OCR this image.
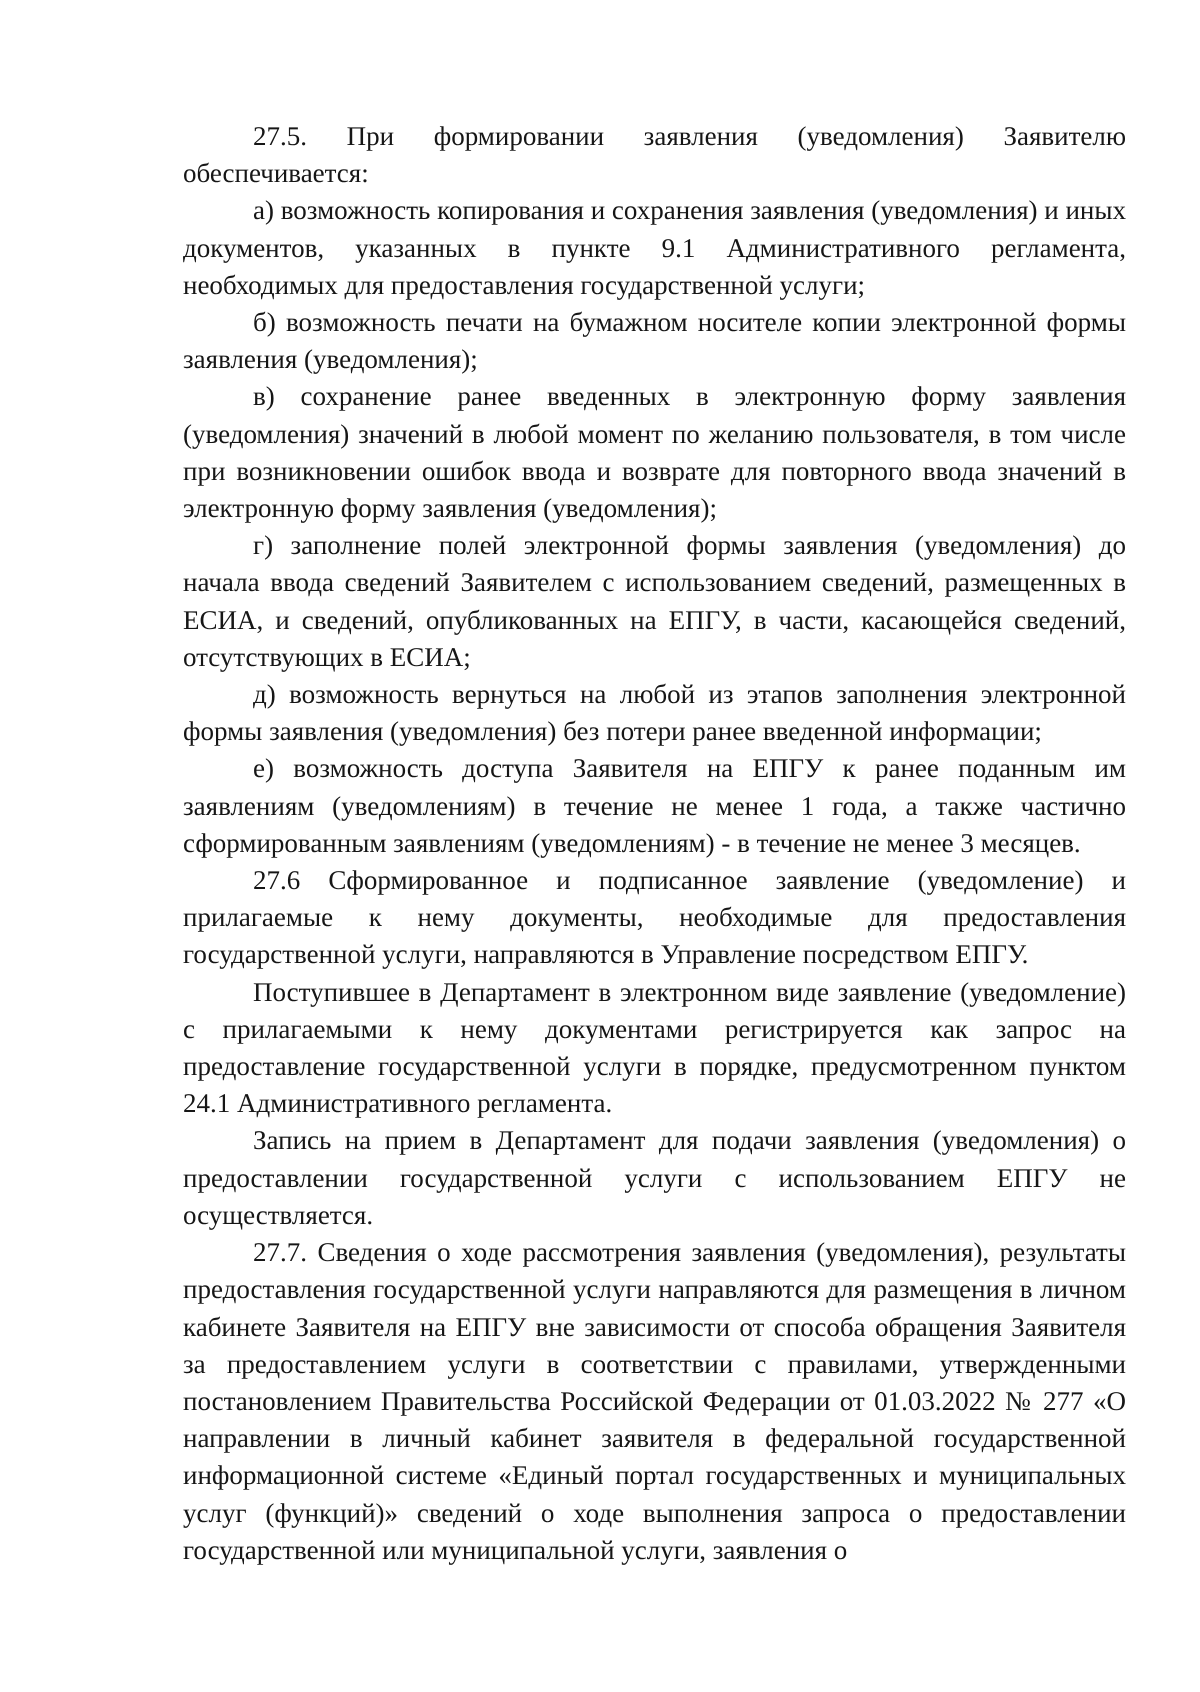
27.5. При формировании заявления (уведомления) Заявителю обеспечивается:

а) возможность копирования и сохранения заявления (уведомления) и иных документов, указанных в пункте 9.1 Административного регламента, необходимых для предоставления государственной услуги;

б) возможность печати на бумажном носителе копии электронной формы заявления (уведомления);

в) сохранение ранее введенных в электронную форму заявления (уведомления) значений в любой момент по желанию пользователя, в том числе при возникновении ошибок ввода и возврате для повторного ввода значений в электронную форму заявления (уведомления);

г) заполнение полей электронной формы заявления (уведомления) до начала ввода сведений Заявителем с использованием сведений, размещенных в ЕСИА, и сведений, опубликованных на ЕПГУ, в части, касающейся сведений, отсутствующих в ЕСИА;

д) возможность вернуться на любой из этапов заполнения электронной формы заявления (уведомления) без потери ранее введенной информации;

е) возможность доступа Заявителя на ЕПГУ к ранее поданным им заявлениям (уведомлениям) в течение не менее 1 года, а также частично сформированным заявлениям (уведомлениям) - в течение не менее 3 месяцев.

27.6 Сформированное и подписанное заявление (уведомление) и прилагаемые к нему документы, необходимые для предоставления государственной услуги, направляются в Управление посредством ЕПГУ.

Поступившее в Департамент в электронном виде заявление (уведомление) с прилагаемыми к нему документами регистрируется как запрос на предоставление государственной услуги в порядке, предусмотренном пунктом 24.1 Административного регламента.

Запись на прием в Департамент для подачи заявления (уведомления) о предоставлении государственной услуги с использованием ЕПГУ не осуществляется.

27.7. Сведения о ходе рассмотрения заявления (уведомления), результаты предоставления государственной услуги направляются для размещения в личном кабинете Заявителя на ЕПГУ вне зависимости от способа обращения Заявителя за предоставлением услуги в соответствии с правилами, утвержденными постановлением Правительства Российской Федерации от 01.03.2022 № 277 «О направлении в личный кабинет заявителя в федеральной государственной информационной системе «Единый портал государственных и муниципальных услуг (функций)» сведений о ходе выполнения запроса о предоставлении государственной или муниципальной услуги, заявления о
